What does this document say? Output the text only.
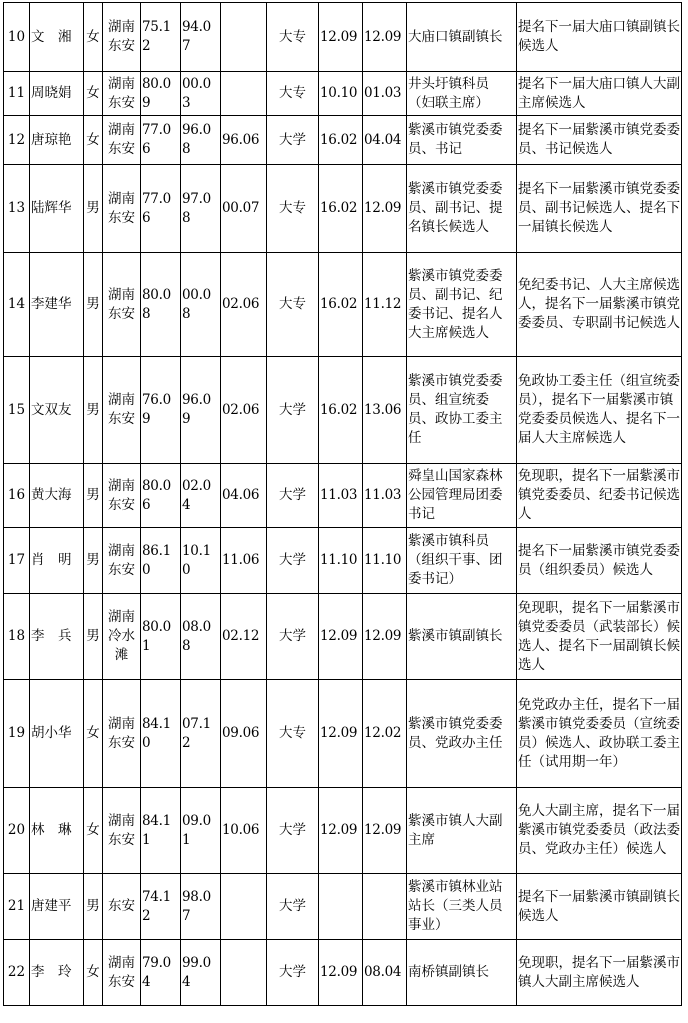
10	文　湘	女	湖南东安	75.12	94.07		大专	12.09	12.09	大庙口镇副镇长	提名下一届大庙口镇副镇长候选人
11	周晓娟	女	湖南东安	80.09	00.03		大专	10.10	01.03	井头圩镇科员（妇联主席）	提名下一届大庙口镇人大副主席候选人
12	唐琼艳	女	湖南东安	77.06	96.08	96.06	大学	16.02	04.04	紫溪市镇党委委员、书记	提名下一届紫溪市镇党委委员、书记候选人
13	陆辉华	男	湖南东安	77.06	97.08	00.07	大专	16.02	12.09	紫溪市镇党委委员、副书记、提名镇长候选人	提名下一届紫溪市镇党委委员、副书记候选人、提名下一届镇长候选人
14	李建华	男	湖南东安	80.08	00.08	02.06	大专	16.02	11.12	紫溪市镇党委委员、副书记、纪委书记、提名人大主席候选人	免纪委书记、人大主席候选人，提名下一届紫溪市镇党委委员、专职副书记候选人
15	文双友	男	湖南东安	76.09	96.09	02.06	大学	16.02	13.06	紫溪市镇党委委员、组宣统委员、政协工委主任	免政协工委主任（组宣统委员），提名下一届紫溪市镇党委委员候选人、提名下一届人大主席候选人
16	黄大海	男	湖南东安	80.06	02.04	04.06	大学	11.03	11.03	舜皇山国家森林公园管理局团委书记	免现职，提名下一届紫溪市镇党委委员、纪委书记候选人
17	肖　明	男	湖南东安	86.10	10.10	11.06	大学	11.10	11.10	紫溪市镇科员（组织干事、团委书记）	提名下一届紫溪市镇党委委员（组织委员）候选人
18	李　兵	男	湖南冷水滩	80.01	08.08	02.12	大学	12.09	12.09	紫溪市镇副镇长	免现职，提名下一届紫溪市镇党委委员（武装部长）候选人、提名下一届副镇长候选人
19	胡小华	女	湖南东安	84.10	07.12	09.06	大专	12.09	12.02	紫溪市镇党委委员、党政办主任	免党政办主任，提名下一届紫溪市镇党委委员（宣统委员）候选人、政协联工委主任（试用期一年）
20	林　琳	女	湖南东安	84.11	09.01	10.06	大学	12.09	12.09	紫溪市镇人大副主席	免人大副主席，提名下一届紫溪市镇党委委员（政法委员、党政办主任）候选人
21	唐建平	男	东安	74.12	98.07		大学			紫溪市镇林业站站长（三类人员事业）	提名下一届紫溪市镇副镇长候选人
22	李　玲	女	湖南东安	79.04	99.04		大学	12.09	08.04	南桥镇副镇长	免现职，提名下一届紫溪市镇人大副主席候选人
